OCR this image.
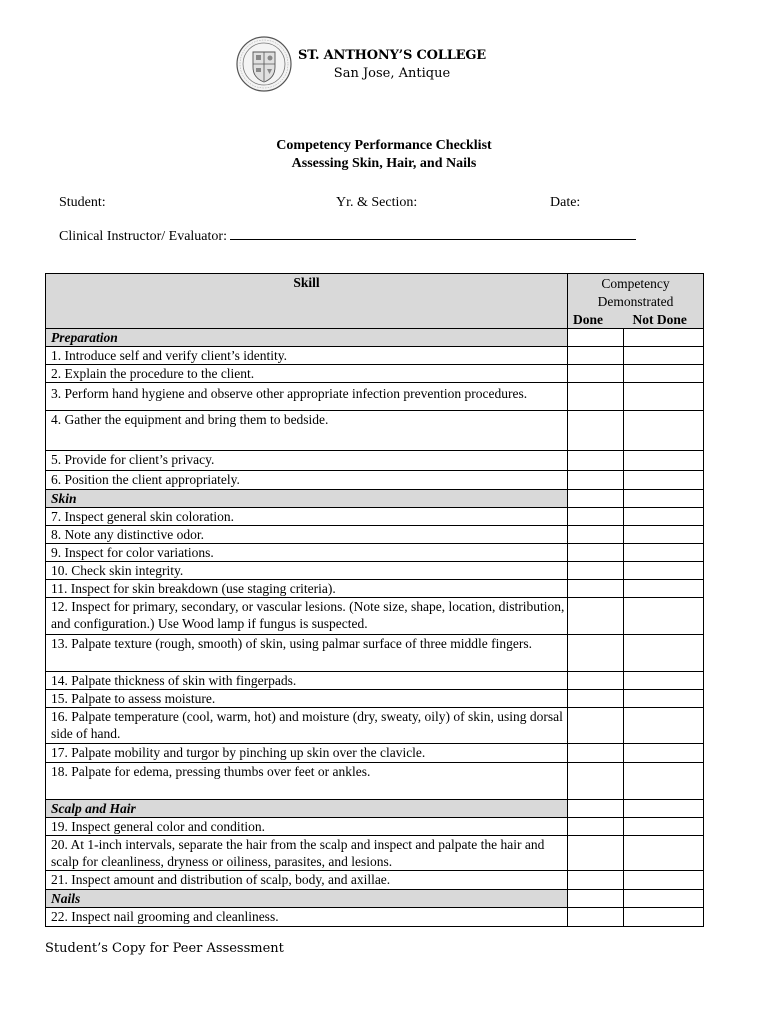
ST. ANTHONY’S COLLEGE
San Jose, Antique
Competency Performance Checklist
Assessing Skin, Hair, and Nails
Student:	Yr. & Section:	Date:
Clinical Instructor/ Evaluator:
Skill	Competency Demonstrated	
	Done	Not Done
Preparation		
1. Introduce self and verify client’s identity.		
2. Explain the procedure to the client.		
3. Perform hand hygiene and observe other appropriate infection prevention procedures.		
4. Gather the equipment and bring them to bedside.		
5. Provide for client’s privacy.		
6. Position the client appropriately.		
Skin		
7. Inspect general skin coloration.		
8. Note any distinctive odor.		
9. Inspect for color variations.		
10. Check skin integrity.		
11. Inspect for skin breakdown (use staging criteria).		
12. Inspect for primary, secondary, or vascular lesions. (Note size, shape, location, distribution, and configuration.) Use Wood lamp if fungus is suspected.		
13. Palpate texture (rough, smooth) of skin, using palmar surface of three middle fingers.		
14. Palpate thickness of skin with fingerpads.		
15. Palpate to assess moisture.		
16. Palpate temperature (cool, warm, hot) and moisture (dry, sweaty, oily) of skin, using dorsal side of hand.		
17. Palpate mobility and turgor by pinching up skin over the clavicle.		
18. Palpate for edema, pressing thumbs over feet or ankles.		
Scalp and Hair		
19. Inspect general color and condition.		
20. At 1-inch intervals, separate the hair from the scalp and inspect and palpate the hair and scalp for cleanliness, dryness or oiliness, parasites, and lesions.		
21. Inspect amount and distribution of scalp, body, and axillae.		
Nails		
22. Inspect nail grooming and cleanliness.		
Student’s Copy for Peer Assessment
